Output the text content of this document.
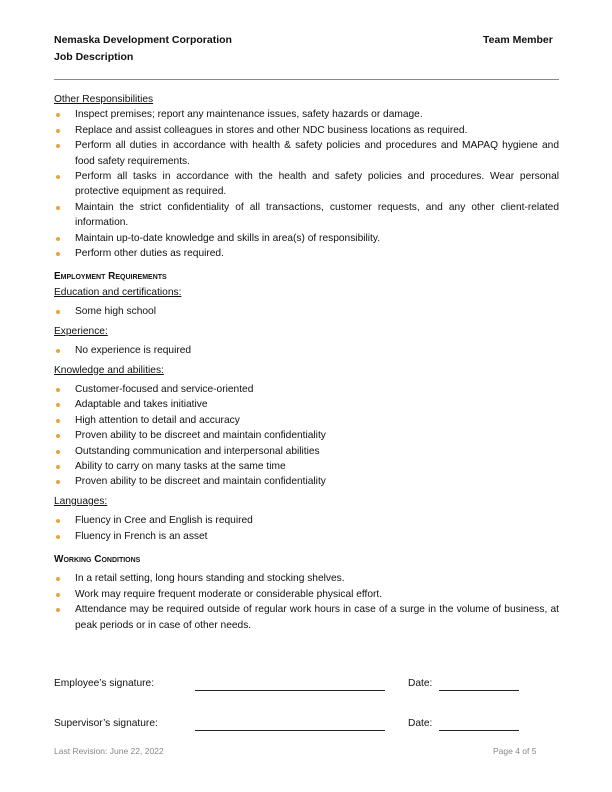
Nemaska Development Corporation
Job Description
Team Member

Other Responsibilities

Inspect premises; report any maintenance issues, safety hazards or damage.
Replace and assist colleagues in stores and other NDC business locations as required.
Perform all duties in accordance with health & safety policies and procedures and MAPAQ hygiene and food safety requirements.
Perform all tasks in accordance with the health and safety policies and procedures. Wear personal protective equipment as required.
Maintain the strict confidentiality of all transactions, customer requests, and any other client-related information.
Maintain up-to-date knowledge and skills in area(s) of responsibility.
Perform other duties as required.

Employment Requirements

Education and certifications:

Some high school

Experience:

No experience is required

Knowledge and abilities:

Customer-focused and service-oriented
Adaptable and takes initiative
High attention to detail and accuracy
Proven ability to be discreet and maintain confidentiality
Outstanding communication and interpersonal abilities
Ability to carry on many tasks at the same time
Proven ability to be discreet and maintain confidentiality

Languages:

Fluency in Cree and English is required
Fluency in French is an asset

Working Conditions

In a retail setting, long hours standing and stocking shelves.
Work may require frequent moderate or considerable physical effort.
Attendance may be required outside of regular work hours in case of a surge in the volume of business, at peak periods or in case of other needs.
Employee’s signature:	Date:
Supervisor’s signature:	Date:
Last Revision: June 22, 2022	Page 4 of 5
